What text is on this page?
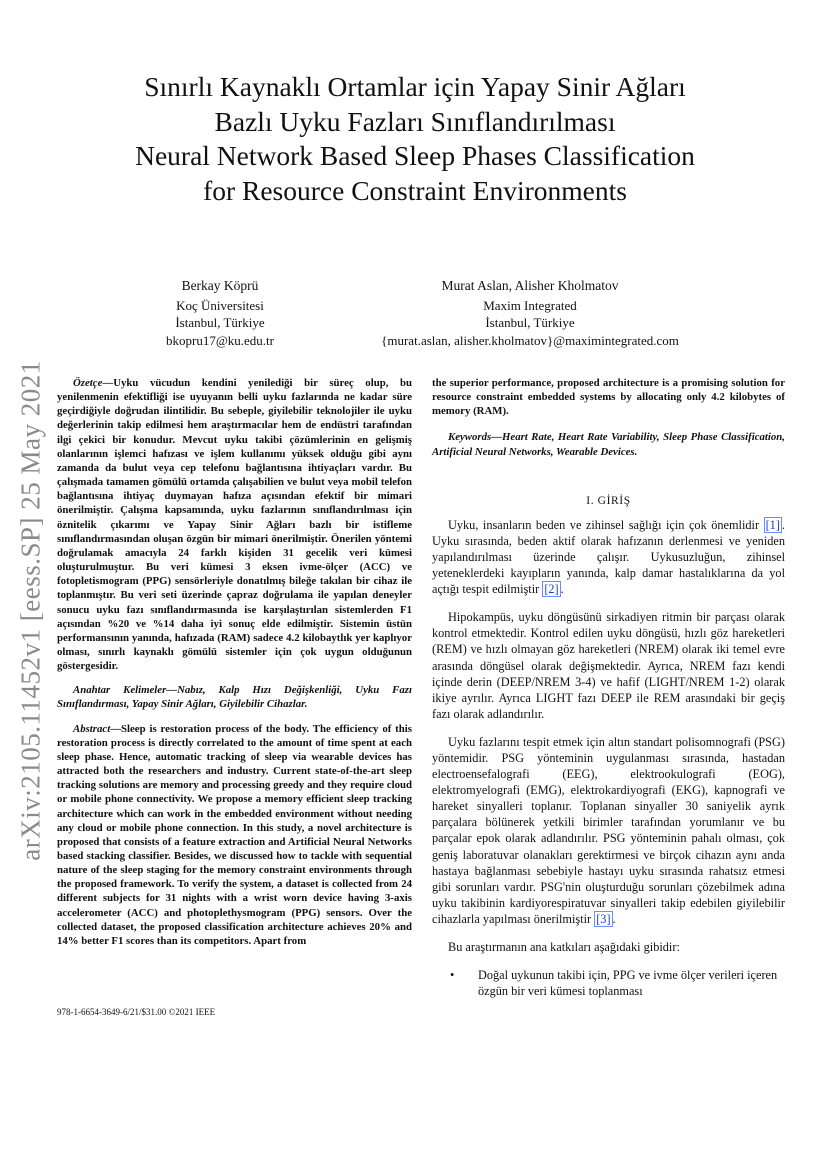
arXiv:2105.11452v1 [eess.SP] 25 May 2021
Sınırlı Kaynaklı Ortamlar için Yapay Sinir Ağları
Bazlı Uyku Fazları Sınıflandırılması
Neural Network Based Sleep Phases Classification
for Resource Constraint Environments
Berkay Köprü
Koç Üniversitesi
İstanbul, Türkiye
bkopru17@ku.edu.tr
Murat Aslan, Alisher Kholmatov
Maxim Integrated
İstanbul, Türkiye
{murat.aslan, alisher.kholmatov}@maximintegrated.com

Özetçe—Uyku vücudun kendini yenilediği bir süreç olup, bu yenilenmenin efektifliği ise uyuyanın belli uyku fazlarında ne kadar süre geçirdiğiyle doğrudan ilintilidir. Bu sebeple, giyilebilir teknolojiler ile uyku değerlerinin takip edilmesi hem araştırmacılar hem de endüstri tarafından ilgi çekici bir konudur. Mevcut uyku takibi çözümlerinin en gelişmiş olanlarının işlemci hafızası ve işlem kullanımı yüksek olduğu gibi aynı zamanda da bulut veya cep telefonu bağlantısına ihtiyaçları vardır. Bu çalışmada tamamen gömülü ortamda çalışabilien ve bulut veya mobil telefon bağlantısına ihtiyaç duymayan hafıza açısından efektif bir mimari önerilmiştir. Çalışma kapsamında, uyku fazlarının sınıflandırılması için öznitelik çıkarımı ve Yapay Sinir Ağları bazlı bir istifleme sınıflandırmasından oluşan özgün bir mimari önerilmiştir. Önerilen yöntemi doğrulamak amacıyla 24 farklı kişiden 31 gecelik veri kümesi oluşturulmuştur. Bu veri kümesi 3 eksen ivme-ölçer (ACC) ve fotopletismogram (PPG) sensörleriyle donatılmış bileğe takılan bir cihaz ile toplanmıştır. Bu veri seti üzerinde çapraz doğrulama ile yapılan deneyler sonucu uyku fazı sınıflandırmasında ise karşılaştırılan sistemlerden F1 açısından %20 ve %14 daha iyi sonuç elde edilmiştir. Sistemin üstün performansının yanında, hafızada (RAM) sadece 4.2 kilobaytlık yer kaplıyor olması, sınırlı kaynaklı gömülü sistemler için çok uygun olduğunun göstergesidir.

Anahtar Kelimeler—Nabız, Kalp Hızı Değişkenliği, Uyku Fazı Sınıflandırması, Yapay Sinir Ağları, Giyilebilir Cihazlar.

Abstract—Sleep is restoration process of the body. The efficiency of this restoration process is directly correlated to the amount of time spent at each sleep phase. Hence, automatic tracking of sleep via wearable devices has attracted both the researchers and industry. Current state-of-the-art sleep tracking solutions are memory and processing greedy and they require cloud or mobile phone connectivity. We propose a memory efficient sleep tracking architecture which can work in the embedded environment without needing any cloud or mobile phone connection. In this study, a novel architecture is proposed that consists of a feature extraction and Artificial Neural Networks based stacking classifier. Besides, we discussed how to tackle with sequential nature of the sleep staging for the memory constraint environments through the proposed framework. To verify the system, a dataset is collected from 24 different subjects for 31 nights with a wrist worn device having 3-axis accelerometer (ACC) and photoplethysmogram (PPG) sensors. Over the collected dataset, the proposed classification architecture achieves 20% and 14% better F1 scores than its competitors. Apart from

the superior performance, proposed architecture is a promising solution for resource constraint embedded systems by allocating only 4.2 kilobytes of memory (RAM).

Keywords—Heart Rate, Heart Rate Variability, Sleep Phase Classification, Artificial Neural Networks, Wearable Devices.

I. GİRİŞ

Uyku, insanların beden ve zihinsel sağlığı için çok önemlidir [1] . Uyku sırasında, beden aktif olarak hafızanın derlenmesi ve yeniden yapılandırılması üzerinde çalışır. Uykusuzluğun, zihinsel yeteneklerdeki kayıpların yanında, kalp damar hastalıklarına da yol açtığı tespit edilmiştir [2] .

Hipokampüs, uyku döngüsünü sirkadiyen ritmin bir parçası olarak kontrol etmektedir. Kontrol edilen uyku döngüsü, hızlı göz hareketleri (REM) ve hızlı olmayan göz hareketleri (NREM) olarak iki temel evre arasında döngüsel olarak değişmektedir. Ayrıca, NREM fazı kendi içinde derin (DEEP/NREM 3-4) ve hafif (LIGHT/NREM 1-2) olarak ikiye ayrılır. Ayrıca LIGHT fazı DEEP ile REM arasındaki bir geçiş fazı olarak adlandırılır.

Uyku fazlarını tespit etmek için altın standart polisomnografi (PSG) yöntemidir. PSG yönteminin uygulanması sırasında, hastadan electroensefalografi (EEG), elektrookulografi (EOG), elektromyelografi (EMG), elektrokardiyografi (EKG), kapnografi ve hareket sinyalleri toplanır. Toplanan sinyaller 30 saniyelik ayrık parçalara bölünerek yetkili birimler tarafından yorumlanır ve bu parçalar epok olarak adlandırılır. PSG yönteminin pahalı olması, çok geniş laboratuvar olanakları gerektirmesi ve birçok cihazın aynı anda hastaya bağlanması sebebiyle hastayı uyku sırasında rahatsız etmesi gibi sorunları vardır. PSG'nin oluşturduğu sorunları çözebilmek adına uyku takibinin kardiyorespiratuvar sinyalleri takip edebilen giyilebilir cihazlarla yapılması önerilmiştir [3] .

Bu araştırmanın ana katkıları aşağıdaki gibidir:

•	Doğal uykunun takibi için, PPG ve ivme ölçer verileri içeren özgün bir veri kümesi toplanması
978-1-6654-3649-6/21/$31.00 ©2021 IEEE
